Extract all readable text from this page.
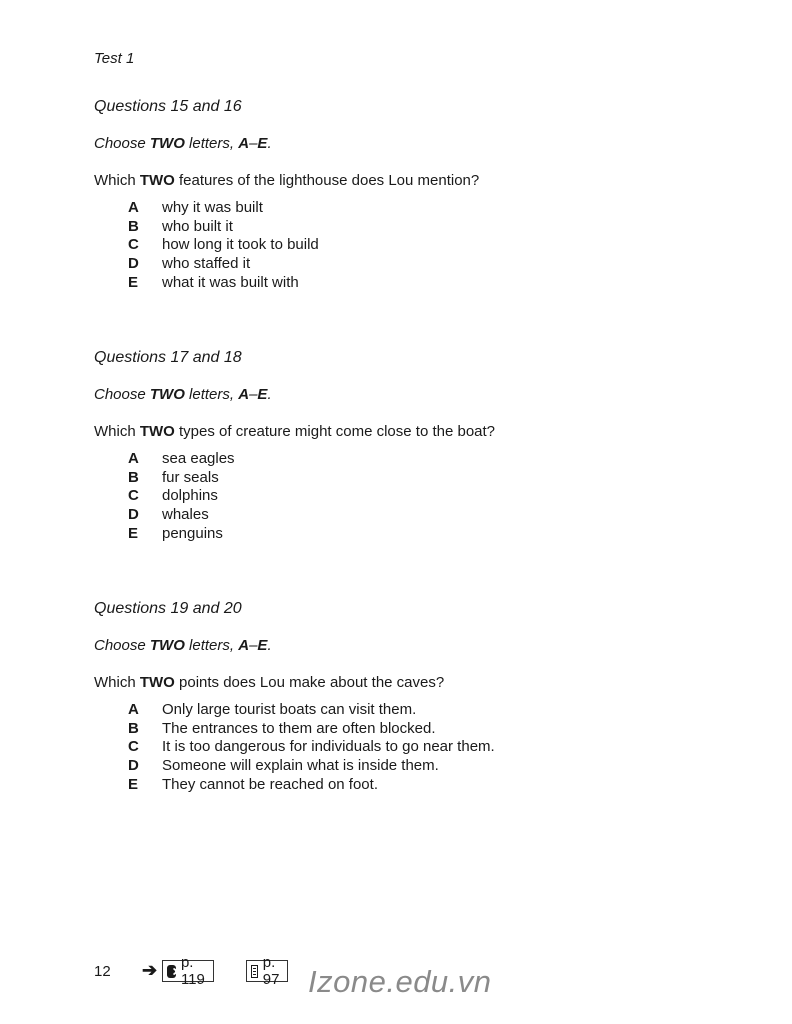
Test 1
Questions 15 and 16
Choose TWO letters, A–E.
Which TWO features of the lighthouse does Lou mention?
A why it was built
B who built it
C how long it took to build
D who staffed it
E what it was built with
Questions 17 and 18
Choose TWO letters, A–E.
Which TWO types of creature might come close to the boat?
A sea eagles
B fur seals
C dolphins
D whales
E penguins
Questions 19 and 20
Choose TWO letters, A–E.
Which TWO points does Lou make about the caves?
A Only large tourist boats can visit them.
B The entrances to them are often blocked.
C It is too dangerous for individuals to go near them.
D Someone will explain what is inside them.
E They cannot be reached on foot.
12 ➔ p. 119
p. 97 Izone.edu.vn
